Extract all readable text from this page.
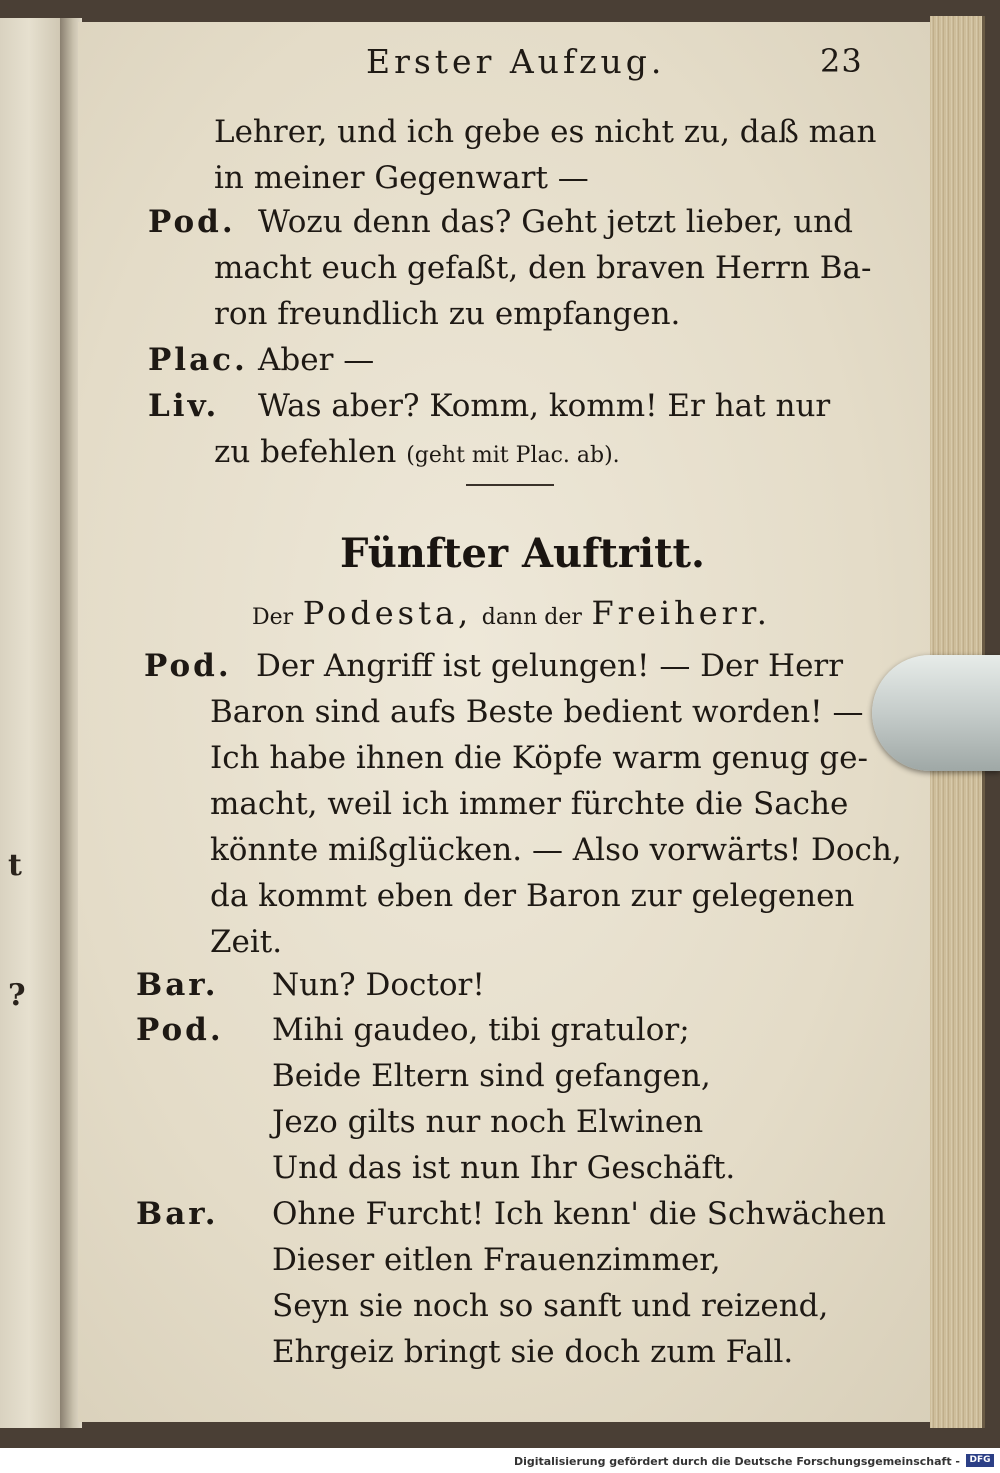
t
?
Erster Aufzug.	23
Lehrer, und ich gebe es nicht zu, daß man
in meiner Gegenwart —
Pod. Wozu denn das? Geht jetzt lieber, und
macht euch gefaßt, den braven Herrn Ba-
ron freundlich zu empfangen.
Plac. Aber —
Liv. Was aber? Komm, komm! Er hat nur
zu befehlen (geht mit Plac. ab).
Fünfter Auftritt.
Der Podesta, dann der Freiherr.
Pod. Der Angriff ist gelungen! — Der Herr
Baron sind aufs Beste bedient worden! —
Ich habe ihnen die Köpfe warm genug ge-
macht, weil ich immer fürchte die Sache
könnte mißglücken. — Also vorwärts! Doch,
da kommt eben der Baron zur gelegenen
Zeit.
Bar. Nun? Doctor!
Pod. Mihi gaudeo, tibi gratulor;
Beide Eltern sind gefangen,
Jezo gilts nur noch Elwinen
Und das ist nun Ihr Geschäft.
Bar. Ohne Furcht! Ich kenn' die Schwächen
Dieser eitlen Frauenzimmer,
Seyn sie noch so sanft und reizend,
Ehrgeiz bringt sie doch zum Fall.
Digitalisierung gefördert durch die Deutsche Forschungsgemeinschaft -	DFG
